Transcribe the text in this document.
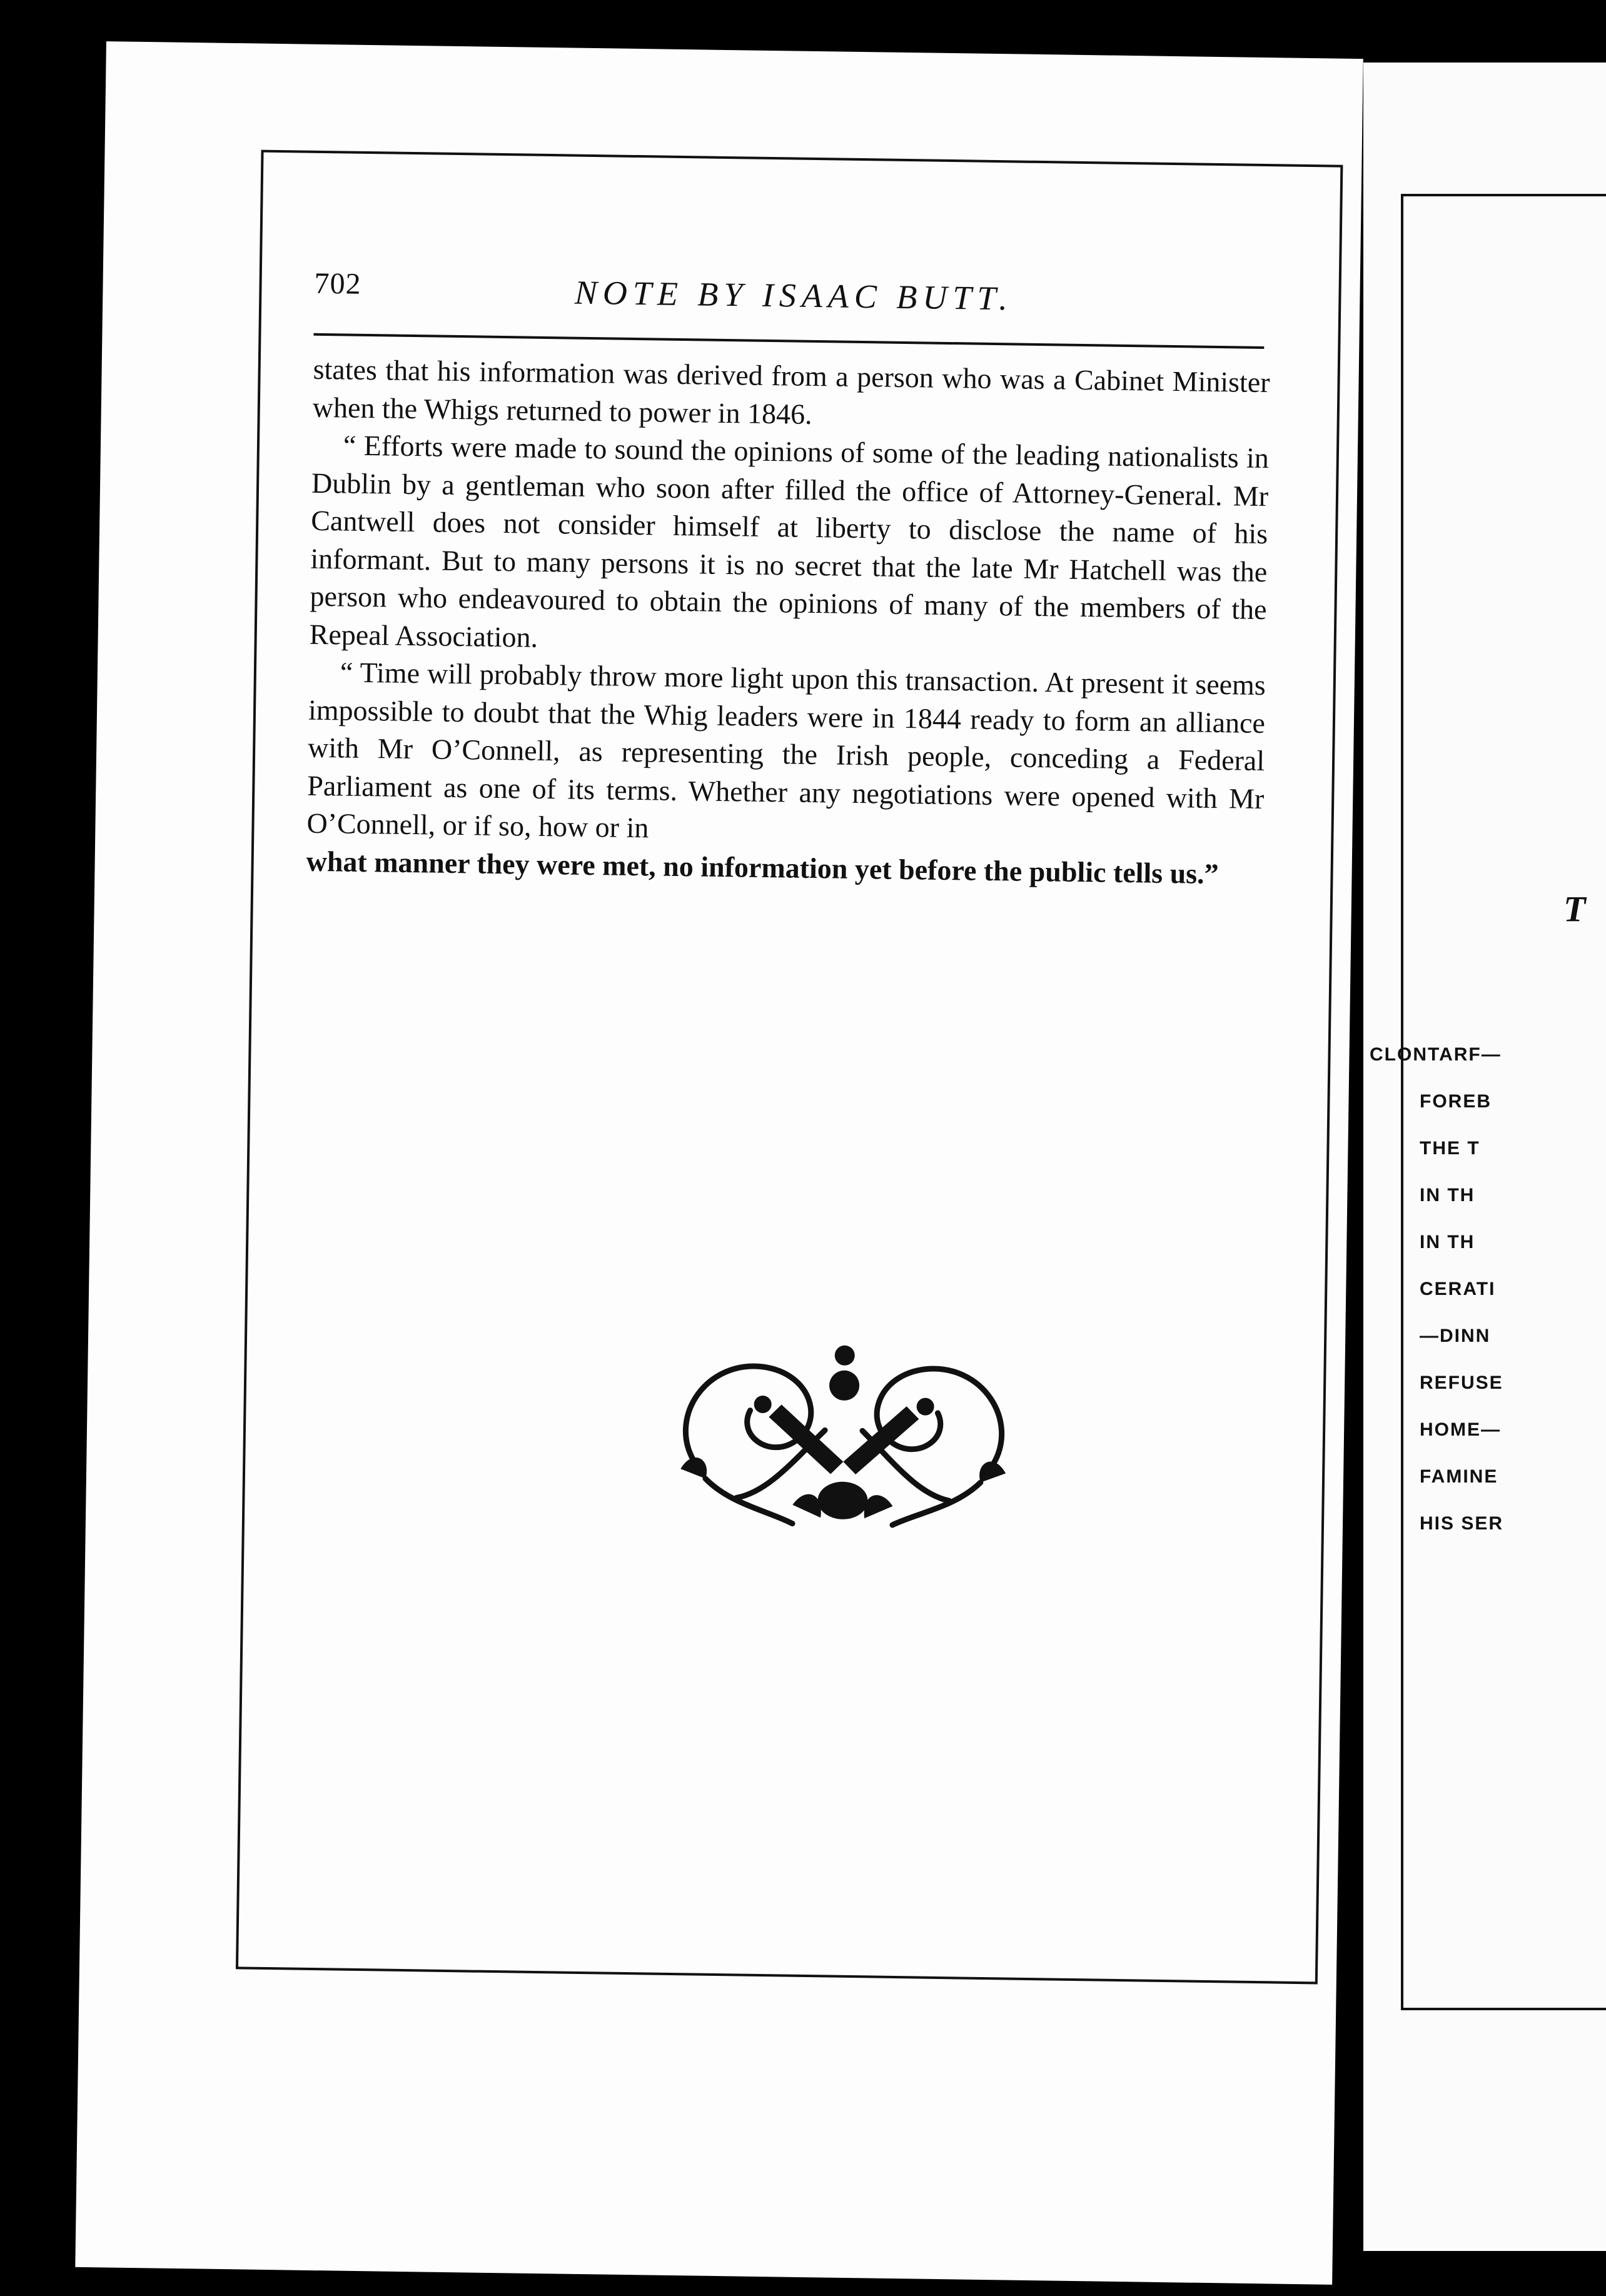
702	NOTE BY ISAAC BUTT.

states that his information was derived from a person who was a Cabinet Minister when the Whigs returned to power in 1846.

“ Efforts were made to sound the opinions of some of the leading nationalists in Dublin by a gentleman who soon after filled the office of Attorney-General. Mr Cantwell does not consider himself at liberty to disclose the name of his informant. But to many persons it is no secret that the late Mr Hatchell was the person who endeavoured to obtain the opinions of many of the members of the Repeal Association.

“ Time will probably throw more light upon this transaction. At present it seems impossible to doubt that the Whig leaders were in 1844 ready to form an alliance with Mr O’Connell, as representing the Irish people, conceding a Federal Parliament as one of its terms. Whether any negotiations were opened with Mr O’Connell, or if so, how or in

what manner they were met, no information yet before the public tells us.”

T
CLONTARF—
FOREB
THE T
IN TH
IN TH
CERATI
—DINN
REFUSE
HOME—
FAMINE
HIS SER
